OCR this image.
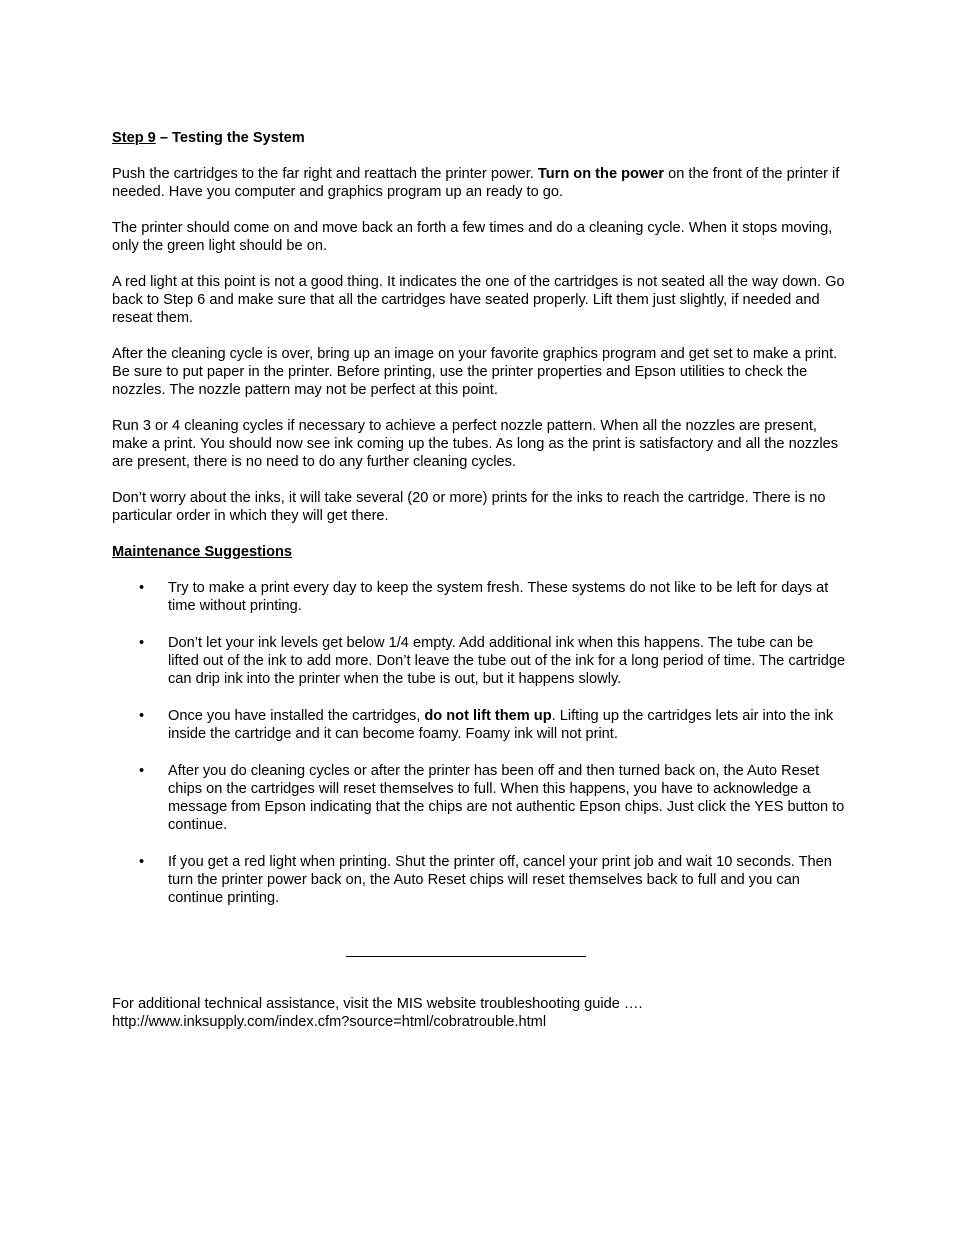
Step 9 – Testing the System

Push the cartridges to the far right and reattach the printer power. Turn on the power on the front of the printer if needed. Have you computer and graphics program up an ready to go.

The printer should come on and move back an forth a few times and do a cleaning cycle. When it stops moving, only the green light should be on.

A red light at this point is not a good thing. It indicates the one of the cartridges is not seated all the way down. Go back to Step 6 and make sure that all the cartridges have seated properly. Lift them just slightly, if needed and reseat them.

After the cleaning cycle is over, bring up an image on your favorite graphics program and get set to make a print. Be sure to put paper in the printer. Before printing, use the printer properties and Epson utilities to check the nozzles. The nozzle pattern may not be perfect at this point.

Run 3 or 4 cleaning cycles if necessary to achieve a perfect nozzle pattern. When all the nozzles are present, make a print. You should now see ink coming up the tubes. As long as the print is satisfactory and all the nozzles are present, there is no need to do any further cleaning cycles.

Don’t worry about the inks, it will take several (20 or more) prints for the inks to reach the cartridge. There is no particular order in which they will get there.

Maintenance Suggestions
• Try to make a print every day to keep the system fresh. These systems do not like to be left for days at time without printing.
• Don’t let your ink levels get below 1/4 empty. Add additional ink when this happens. The tube can be lifted out of the ink to add more. Don’t leave the tube out of the ink for a long period of time. The cartridge can drip ink into the printer when the tube is out, but it happens slowly.
• Once you have installed the cartridges, do not lift them up. Lifting up the cartridges lets air into the ink inside the cartridge and it can become foamy. Foamy ink will not print.
• After you do cleaning cycles or after the printer has been off and then turned back on, the Auto Reset chips on the cartridges will reset themselves to full. When this happens, you have to acknowledge a message from Epson indicating that the chips are not authentic Epson chips. Just click the YES button to continue.
• If you get a red light when printing. Shut the printer off, cancel your print job and wait 10 seconds. Then turn the printer power back on, the Auto Reset chips will reset themselves back to full and you can continue printing.
For additional technical assistance, visit the MIS website troubleshooting guide ….
http://www.inksupply.com/index.cfm?source=html/cobratrouble.html
